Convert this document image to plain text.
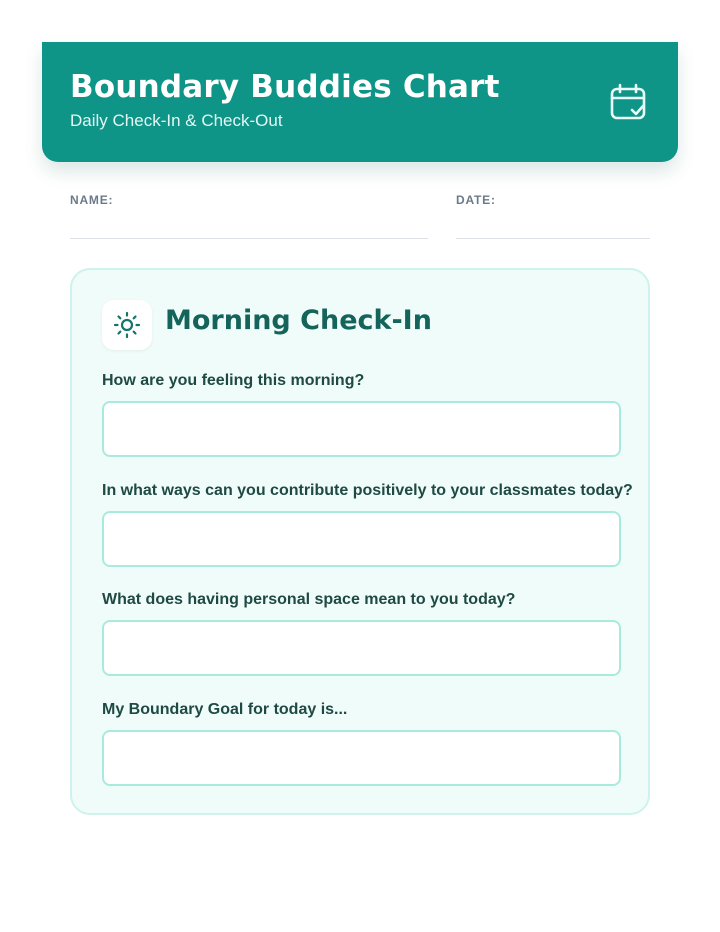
Boundary Buddies Chart
Daily Check-In & Check-Out
NAME:	DATE:
Morning Check-In
How are you feeling this morning?
In what ways can you contribute positively to your classmates today?
What does having personal space mean to you today?
My Boundary Goal for today is...
